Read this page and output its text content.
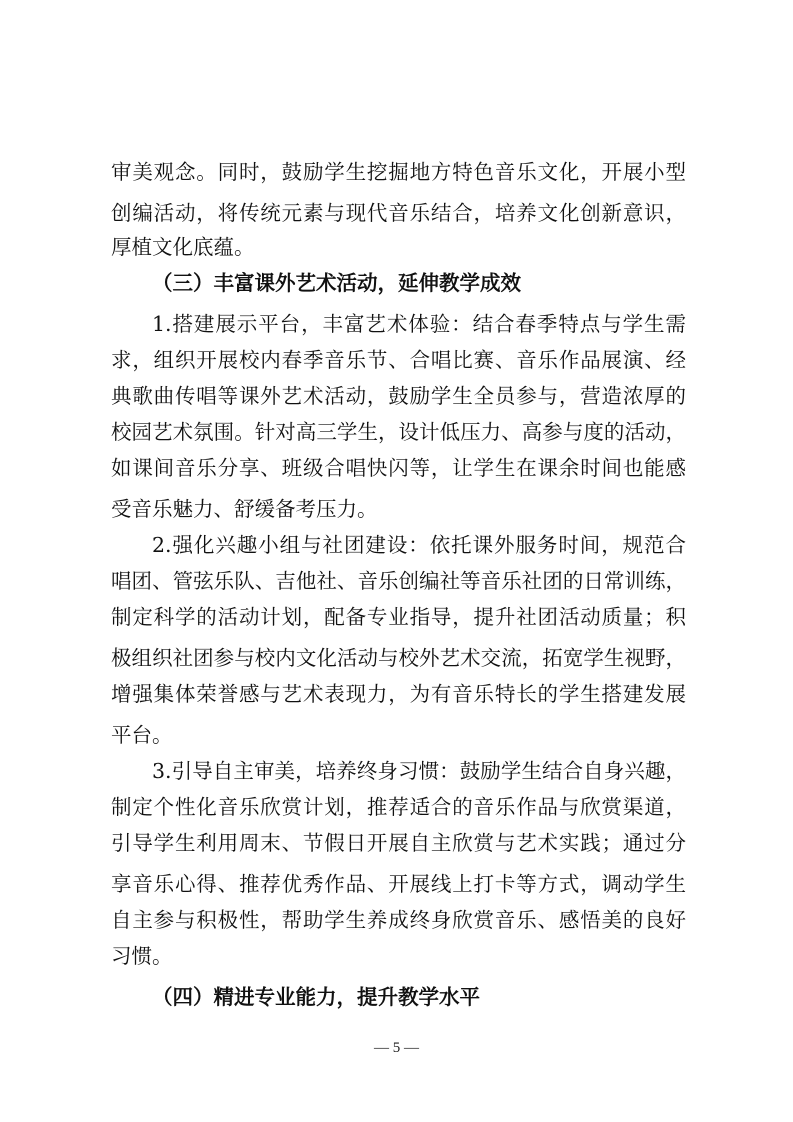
审美观念。同时，鼓励学生挖掘地方特色音乐文化，开展小型
创编活动，将传统元素与现代音乐结合，培养文化创新意识，
厚植文化底蕴。
（三）丰富课外艺术活动，延伸教学成效
1.搭建展示平台，丰富艺术体验：结合春季特点与学生需
求，组织开展校内春季音乐节、合唱比赛、音乐作品展演、经
典歌曲传唱等课外艺术活动，鼓励学生全员参与，营造浓厚的
校园艺术氛围。针对高三学生，设计低压力、高参与度的活动，
如课间音乐分享、班级合唱快闪等，让学生在课余时间也能感
受音乐魅力、舒缓备考压力。
2.强化兴趣小组与社团建设：依托课外服务时间，规范合
唱团、管弦乐队、吉他社、音乐创编社等音乐社团的日常训练，
制定科学的活动计划，配备专业指导，提升社团活动质量；积
极组织社团参与校内文化活动与校外艺术交流，拓宽学生视野，
增强集体荣誉感与艺术表现力，为有音乐特长的学生搭建发展
平台。
3.引导自主审美，培养终身习惯：鼓励学生结合自身兴趣，
制定个性化音乐欣赏计划，推荐适合的音乐作品与欣赏渠道，
引导学生利用周末、节假日开展自主欣赏与艺术实践；通过分
享音乐心得、推荐优秀作品、开展线上打卡等方式，调动学生
自主参与积极性，帮助学生养成终身欣赏音乐、感悟美的良好
习惯。
（四）精进专业能力，提升教学水平
— 5 —
